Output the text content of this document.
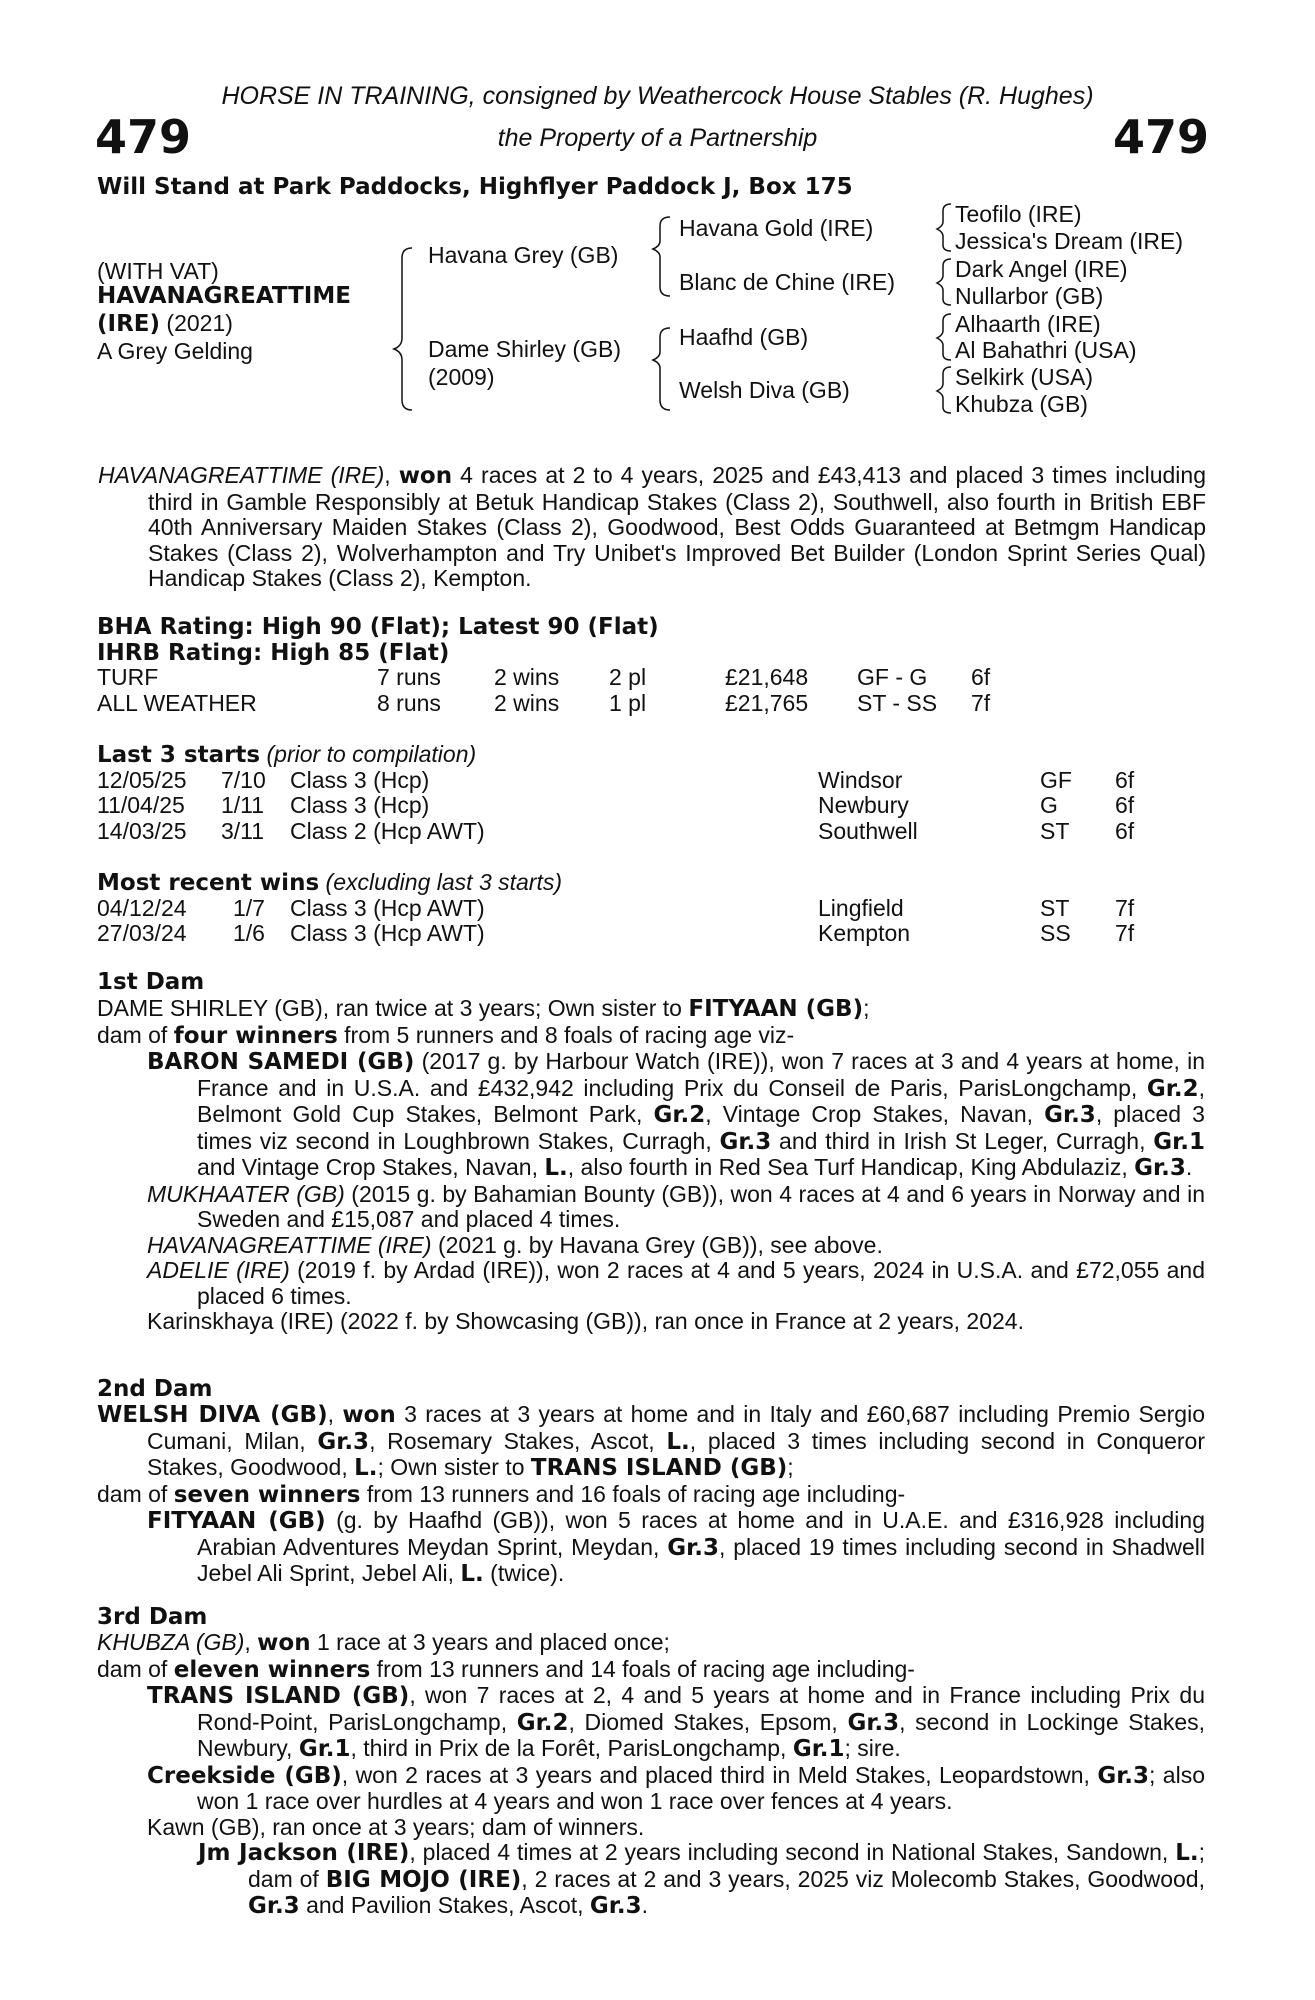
HORSE IN TRAINING, consigned by Weathercock House Stables (R. Hughes)
the Property of a Partnership
479	479
Will Stand at Park Paddocks, Highflyer Paddock J, Box 175
(WITH VAT)
HAVANAGREATTIME
(IRE) (2021)
A Grey Gelding
Havana Grey (GB)
Dame Shirley (GB)
(2009)
Havana Gold (IRE)
Blanc de Chine (IRE)
Haafhd (GB)
Welsh Diva (GB)
Teofilo (IRE)
Jessica's Dream (IRE)
Dark Angel (IRE)
Nullarbor (GB)
Alhaarth (IRE)
Al Bahathri (USA)
Selkirk (USA)
Khubza (GB)

HAVANAGREATTIME (IRE), won 4 races at 2 to 4 years, 2025 and £43,413 and placed 3 times including third in Gamble Responsibly at Betuk Handicap Stakes (Class 2), Southwell, also fourth in British EBF 40th Anniversary Maiden Stakes (Class 2), Goodwood, Best Odds Guaranteed at Betmgm Handicap Stakes (Class 2), Wolverhampton and Try Unibet's Improved Bet Builder (London Sprint Series Qual) Handicap Stakes (Class 2), Kempton.

BHA Rating: High 90 (Flat); Latest 90 (Flat)
IHRB Rating: High 85 (Flat)
TURF	7 runs 2 wins 2 pl	£21,648 GF - G 6f
ALL WEATHER	8 runs 2 wins 1 pl	£21,765 ST - SS 7f
Last 3 starts (prior to compilation)
12/05/25 7/10 Class 3 (Hcp)	Windsor	GF 6f
11/04/25 1/11 Class 3 (Hcp)	Newbury	G 6f
14/03/25 3/11 Class 2 (Hcp AWT)	Southwell	ST 6f
Most recent wins (excluding last 3 starts)
04/12/24 1/7 Class 3 (Hcp AWT)	Lingfield	ST 7f
27/03/24 1/6 Class 3 (Hcp AWT)	Kempton	SS 7f
1st Dam

DAME SHIRLEY (GB), ran twice at 3 years; Own sister to FITYAAN (GB);

dam of four winners from 5 runners and 8 foals of racing age viz-

BARON SAMEDI (GB) (2017 g. by Harbour Watch (IRE)), won 7 races at 3 and 4 years at home, in France and in U.S.A. and £432,942 including Prix du Conseil de Paris, ParisLongchamp, Gr.2, Belmont Gold Cup Stakes, Belmont Park, Gr.2, Vintage Crop Stakes, Navan, Gr.3, placed 3 times viz second in Loughbrown Stakes, Curragh, Gr.3 and third in Irish St Leger, Curragh, Gr.1 and Vintage Crop Stakes, Navan, L., also fourth in Red Sea Turf Handicap, King Abdulaziz, Gr.3.

MUKHAATER (GB) (2015 g. by Bahamian Bounty (GB)), won 4 races at 4 and 6 years in Norway and in Sweden and £15,087 and placed 4 times.

HAVANAGREATTIME (IRE) (2021 g. by Havana Grey (GB)), see above.

ADELIE (IRE) (2019 f. by Ardad (IRE)), won 2 races at 4 and 5 years, 2024 in U.S.A. and £72,055 and placed 6 times.

Karinskhaya (IRE) (2022 f. by Showcasing (GB)), ran once in France at 2 years, 2024.

2nd Dam

WELSH DIVA (GB), won 3 races at 3 years at home and in Italy and £60,687 including Premio Sergio Cumani, Milan, Gr.3, Rosemary Stakes, Ascot, L., placed 3 times including second in Conqueror Stakes, Goodwood, L.; Own sister to TRANS ISLAND (GB);

dam of seven winners from 13 runners and 16 foals of racing age including-

FITYAAN (GB) (g. by Haafhd (GB)), won 5 races at home and in U.A.E. and £316,928 including Arabian Adventures Meydan Sprint, Meydan, Gr.3, placed 19 times including second in Shadwell Jebel Ali Sprint, Jebel Ali, L. (twice).

3rd Dam

KHUBZA (GB), won 1 race at 3 years and placed once;

dam of eleven winners from 13 runners and 14 foals of racing age including-

TRANS ISLAND (GB), won 7 races at 2, 4 and 5 years at home and in France including Prix du Rond-Point, ParisLongchamp, Gr.2, Diomed Stakes, Epsom, Gr.3, second in Lockinge Stakes, Newbury, Gr.1, third in Prix de la Forêt, ParisLongchamp, Gr.1; sire.

Creekside (GB), won 2 races at 3 years and placed third in Meld Stakes, Leopardstown, Gr.3; also won 1 race over hurdles at 4 years and won 1 race over fences at 4 years.

Kawn (GB), ran once at 3 years; dam of winners.

Jm Jackson (IRE), placed 4 times at 2 years including second in National Stakes, Sandown, L.; dam of BIG MOJO (IRE), 2 races at 2 and 3 years, 2025 viz Molecomb Stakes, Goodwood, Gr.3 and Pavilion Stakes, Ascot, Gr.3.
